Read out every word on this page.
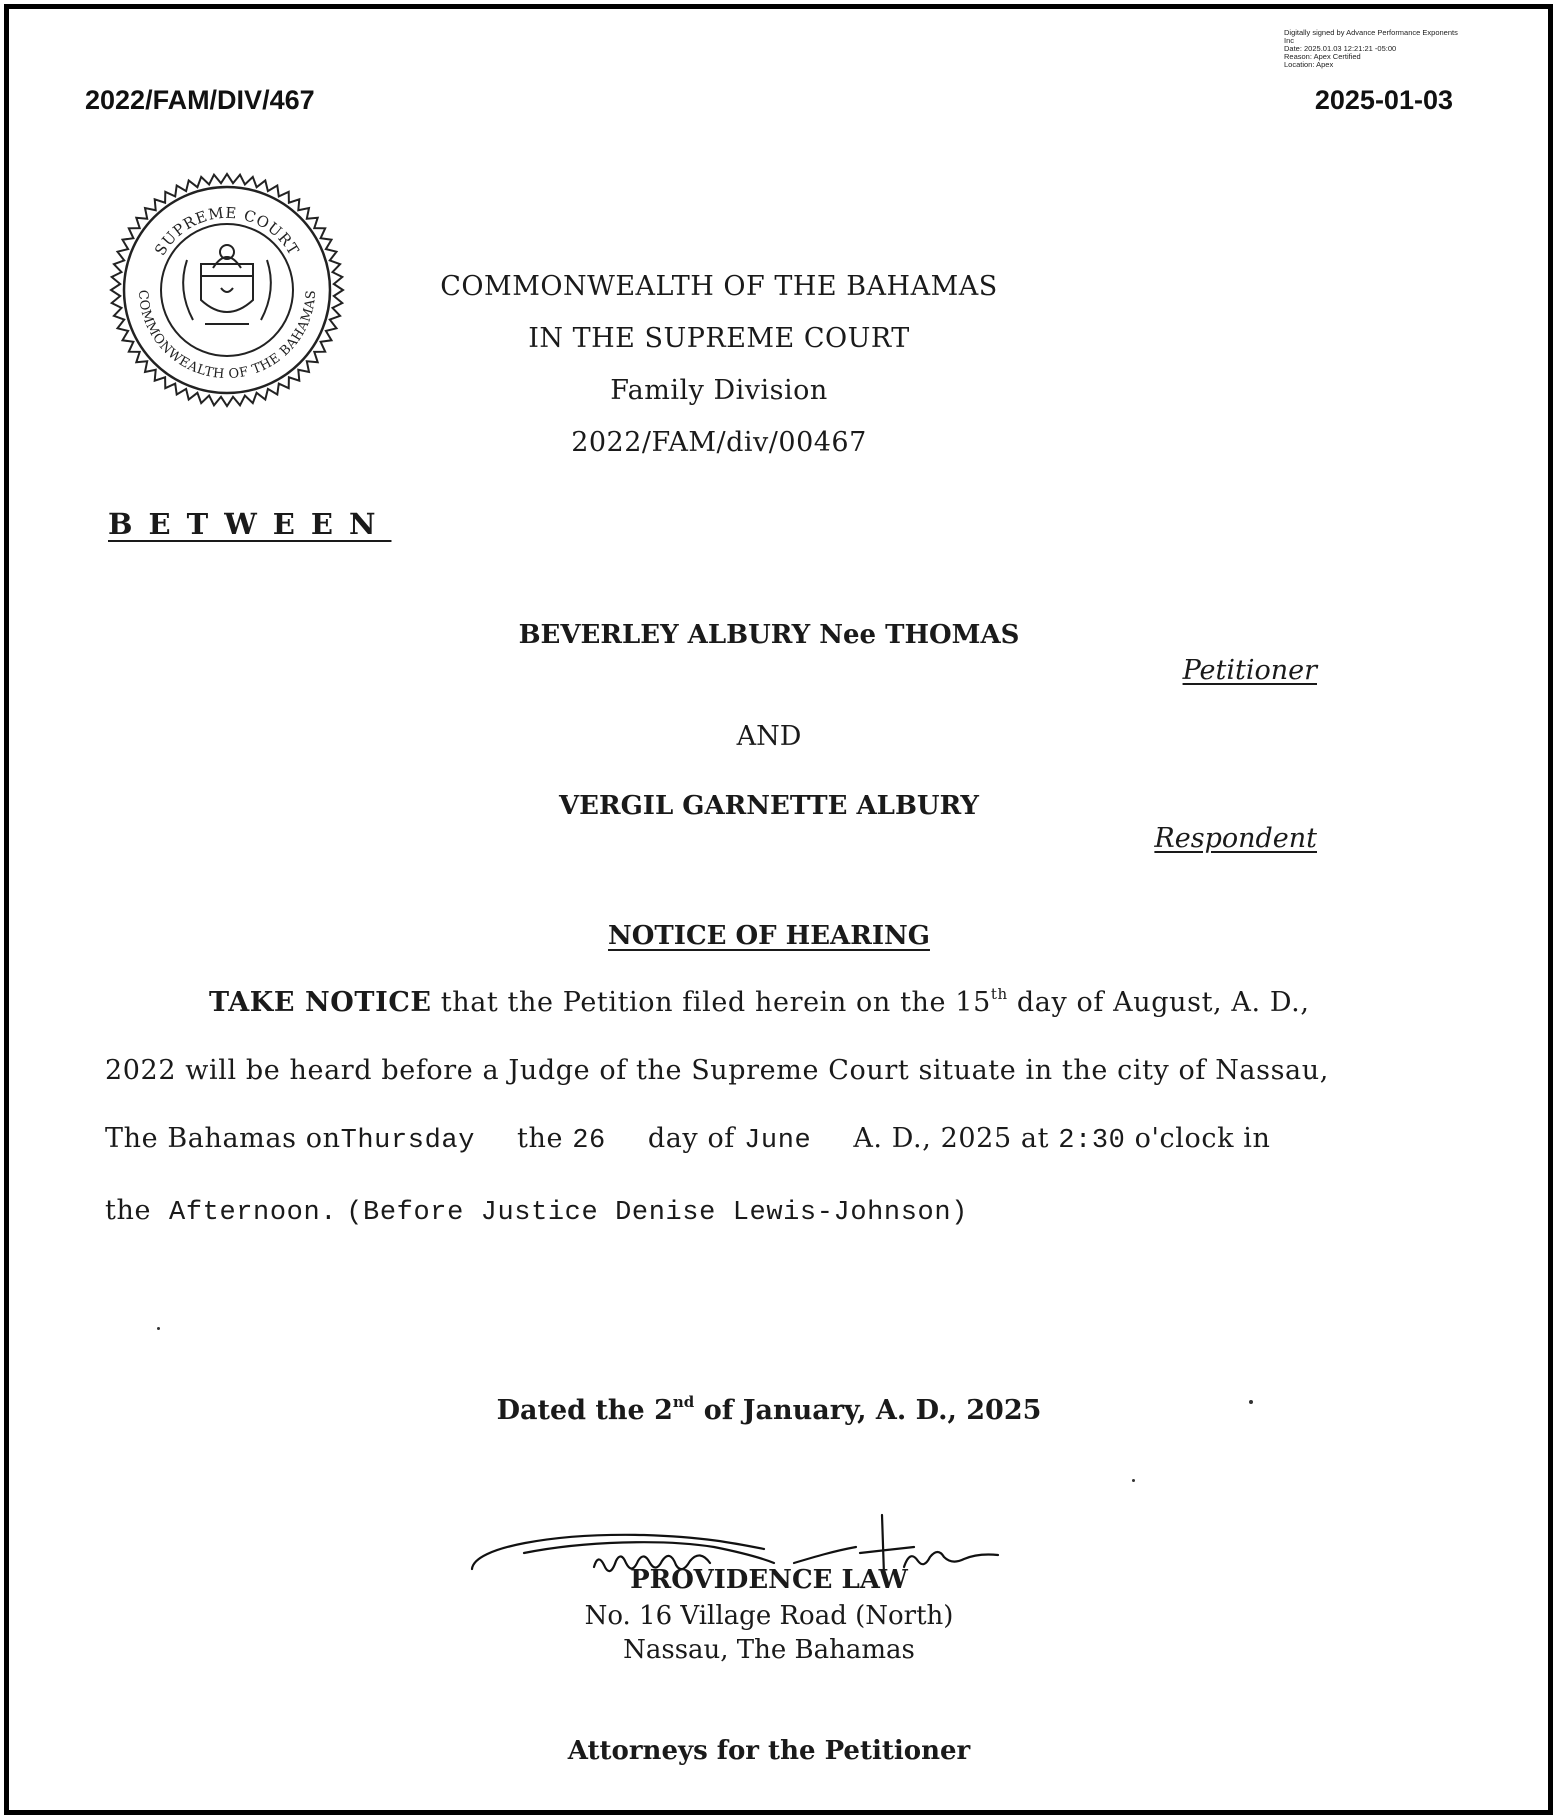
2022/FAM/DIV/467	2025-01-03
Digitally signed by Advance Performance Exponents
Inc
Date: 2025.01.03 12:21:21 -05:00
Reason: Apex Certified
Location: Apex
SUPREME COURT
COMMONWEALTH OF THE BAHAMAS	COMMONWEALTH OF THE BAHAMAS
IN THE SUPREME COURT
Family Division
2022/FAM/div/00467
BETWEEN
BEVERLEY ALBURY Nee THOMAS
Petitioner
AND
VERGIL GARNETTE ALBURY
Respondent
NOTICE OF HEARING
TAKE NOTICE that the Petition filed herein on the 15th day of August, A. D.,
2022 will be heard before a Judge of the Supreme Court situate in the city of Nassau,
The Bahamas onThursday the 26 day of June A. D., 2025 at 2:30 o'clock in
the Afternoon. (Before Justice Denise Lewis-Johnson)
Dated the 2nd of January, A. D., 2025
PROVIDENCE LAW
No. 16 Village Road (North)
Nassau, The Bahamas
Attorneys for the Petitioner
